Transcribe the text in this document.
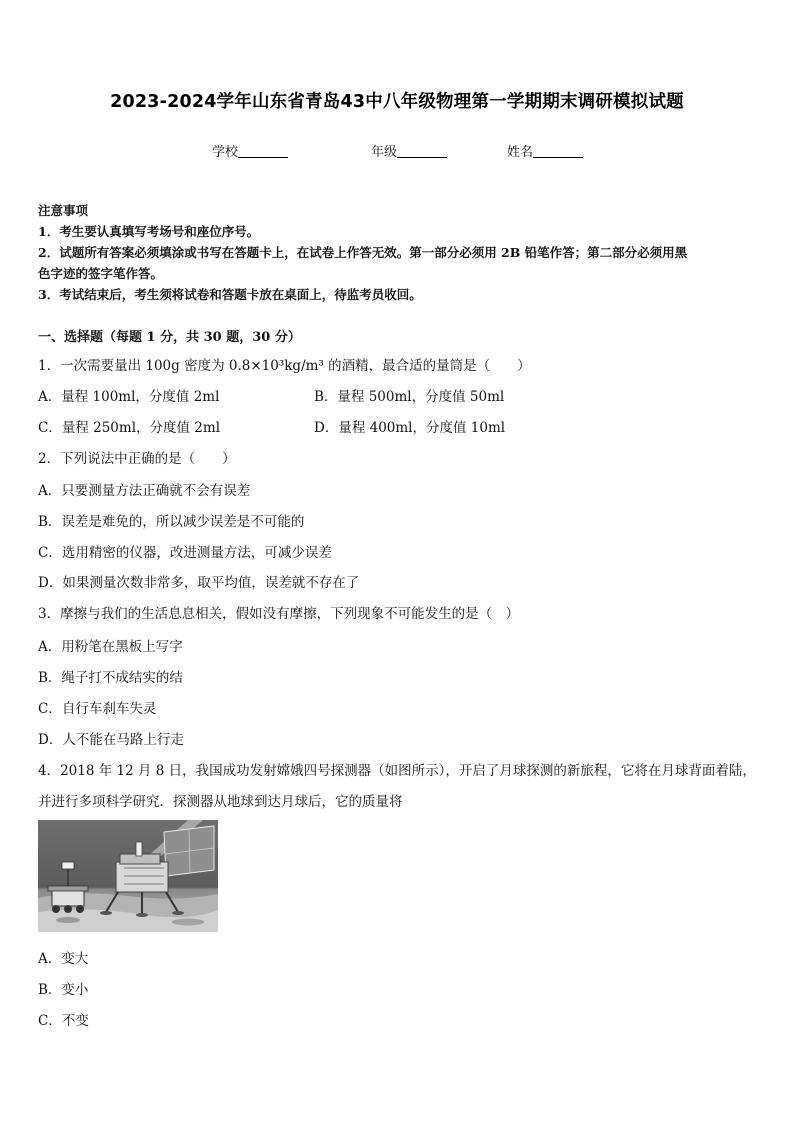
2023-2024学年山东省青岛43中八年级物理第一学期期末调研模拟试题
学校	年级	姓名

注意事项

1．考生要认真填写考场号和座位序号。

2．试题所有答案必须填涂或书写在答题卡上，在试卷上作答无效。第一部分必须用 2B 铅笔作答；第二部分必须用黑

色字迹的签字笔作答。

3．考试结束后，考生须将试卷和答题卡放在桌面上，待监考员收回。

一、选择题（每题 1 分，共 30 题，30 分）
1．一次需要量出 100g 密度为 0.8×10³kg/m³ 的酒精，最合适的量筒是（　　）
A．量程 100ml，分度值 2ml	B．量程 500ml，分度值 50ml
C．量程 250ml，分度值 2ml	D．量程 400ml，分度值 10ml
2．下列说法中正确的是（　　）
A．只要测量方法正确就不会有误差
B．误差是难免的，所以减少误差是不可能的
C．选用精密的仪器，改进测量方法，可减少误差
D．如果测量次数非常多，取平均值，误差就不存在了
3．摩擦与我们的生活息息相关，假如没有摩擦，下列现象不可能发生的是（　）
A．用粉笔在黑板上写字
B．绳子打不成结实的结
C．自行车刹车失灵
D．人不能在马路上行走
4．2018 年 12 月 8 日，我国成功发射嫦娥四号探测器（如图所示），开启了月球探测的新旅程，它将在月球背面着陆，
并进行多项科学研究．探测器从地球到达月球后，它的质量将
A．变大
B．变小
C．不变
